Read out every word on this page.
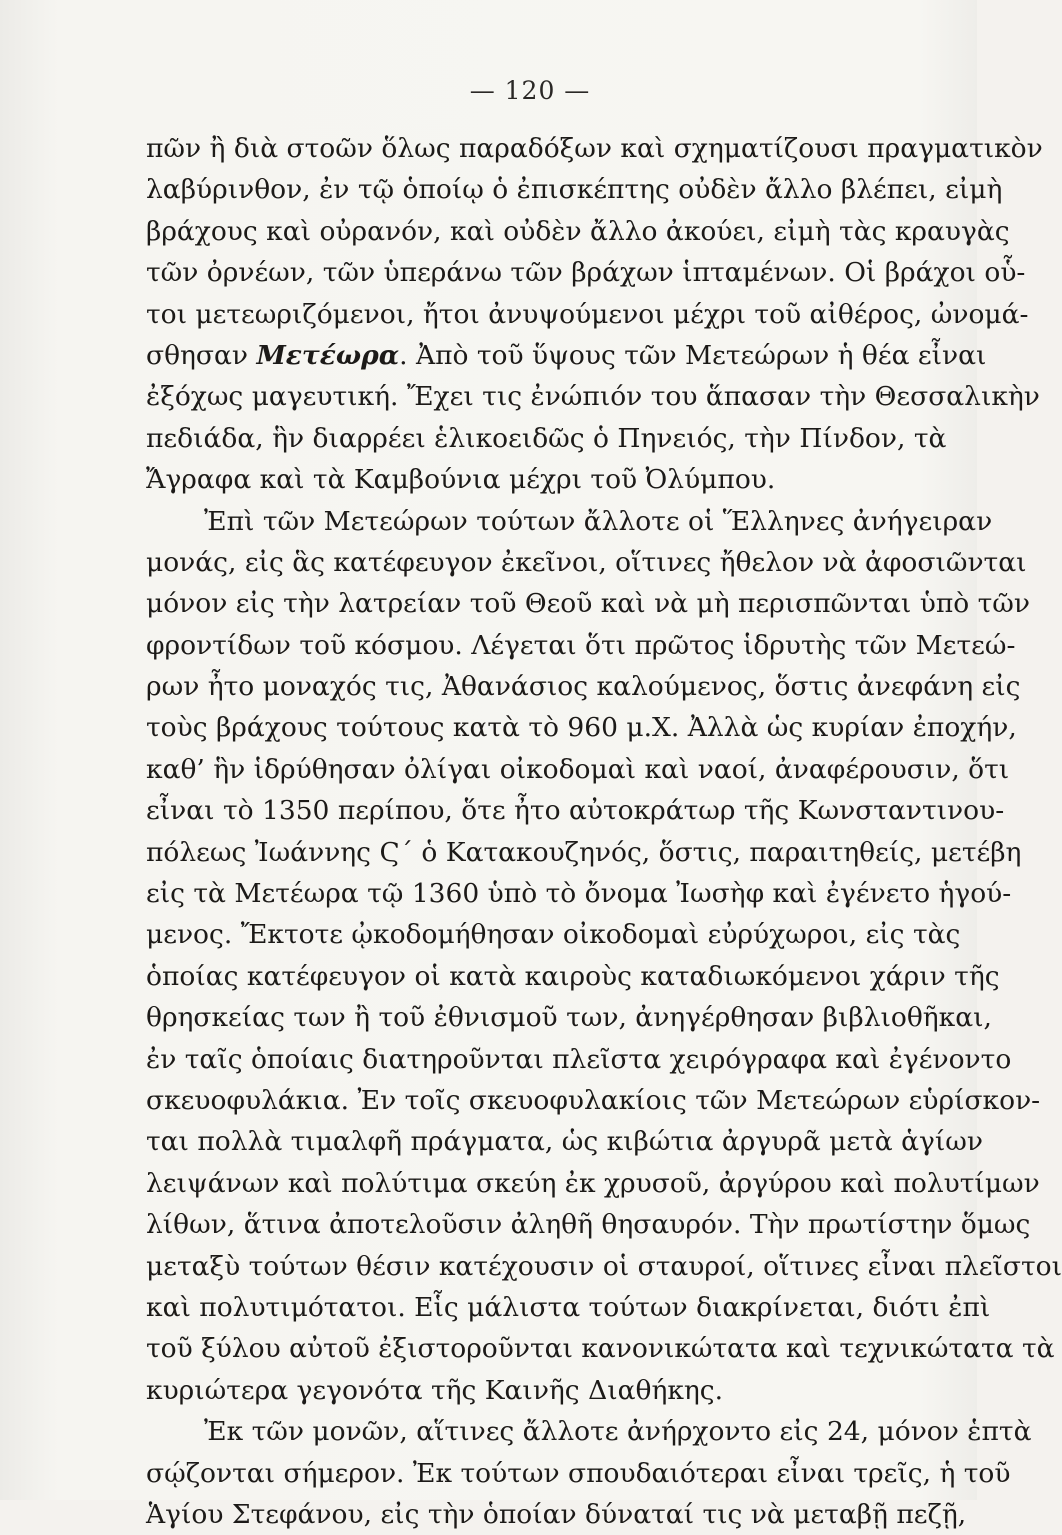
— 120 —
πῶν ἢ διὰ στοῶν ὅλως παραδόξων καὶ σχηματίζουσι πραγματικὸν
λαβύρινθον, ἐν τῷ ὁποίῳ ὁ ἐπισκέπτης οὐδὲν ἄλλο βλέπει, εἰμὴ
βράχους καὶ οὐρανόν, καὶ οὐδὲν ἄλλο ἀκούει, εἰμὴ τὰς κραυγὰς
τῶν ὀρνέων, τῶν ὑπεράνω τῶν βράχων ἱπταμένων. Οἱ βράχοι οὗ-
τοι μετεωριζόμενοι, ἤτοι ἀνυψούμενοι μέχρι τοῦ αἰθέρος, ὠνομά-
σθησαν Μετέωρα. Ἀπὸ τοῦ ὕψους τῶν Μετεώρων ἡ θέα εἶναι
ἐξόχως μαγευτική. Ἔχει τις ἐνώπιόν του ἅπασαν τὴν Θεσσαλικὴν
πεδιάδα, ἣν διαρρέει ἑλικοειδῶς ὁ Πηνειός, τὴν Πίνδον, τὰ
Ἄγραφα καὶ τὰ Καμβούνια μέχρι τοῦ Ὀλύμπου.
Ἐπὶ τῶν Μετεώρων τούτων ἄλλοτε οἱ Ἕλληνες ἀνήγειραν
μονάς, εἰς ἃς κατέφευγον ἐκεῖνοι, οἵτινες ἤθελον νὰ ἀφοσιῶνται
μόνον εἰς τὴν λατρείαν τοῦ Θεοῦ καὶ νὰ μὴ περισπῶνται ὑπὸ τῶν
φροντίδων τοῦ κόσμου. Λέγεται ὅτι πρῶτος ἱδρυτὴς τῶν Μετεώ-
ρων ἦτο μοναχός τις, Ἀθανάσιος καλούμενος, ὅστις ἀνεφάνη εἰς
τοὺς βράχους τούτους κατὰ τὸ 960 μ.Χ. Ἀλλὰ ὡς κυρίαν ἐποχήν,
καθ’ ἣν ἱδρύθησαν ὀλίγαι οἰκοδομαὶ καὶ ναοί, ἀναφέρουσιν, ὅτι
εἶναι τὸ 1350 περίπου, ὅτε ἦτο αὐτοκράτωρ τῆς Κωνσταντινου-
πόλεως Ἰωάννης Ϛ΄ ὁ Κατακουζηνός, ὅστις, παραιτηθείς, μετέβη
εἰς τὰ Μετέωρα τῷ 1360 ὑπὸ τὸ ὄνομα Ἰωσὴφ καὶ ἐγένετο ἡγού-
μενος. Ἔκτοτε ᾠκοδομήθησαν οἰκοδομαὶ εὐρύχωροι, εἰς τὰς
ὁποίας κατέφευγον οἱ κατὰ καιροὺς καταδιωκόμενοι χάριν τῆς
θρησκείας των ἢ τοῦ ἐθνισμοῦ των, ἀνηγέρθησαν βιβλιοθῆκαι,
ἐν ταῖς ὁποίαις διατηροῦνται πλεῖστα χειρόγραφα καὶ ἐγένοντο
σκευοφυλάκια. Ἐν τοῖς σκευοφυλακίοις τῶν Μετεώρων εὑρίσκον-
ται πολλὰ τιμαλφῆ πράγματα, ὡς κιβώτια ἀργυρᾶ μετὰ ἁγίων
λειψάνων καὶ πολύτιμα σκεύη ἐκ χρυσοῦ, ἀργύρου καὶ πολυτίμων
λίθων, ἅτινα ἀποτελοῦσιν ἀληθῆ θησαυρόν. Τὴν πρωτίστην ὅμως
μεταξὺ τούτων θέσιν κατέχουσιν οἱ σταυροί, οἵτινες εἶναι πλεῖστοι
καὶ πολυτιμότατοι. Εἷς μάλιστα τούτων διακρίνεται, διότι ἐπὶ
τοῦ ξύλου αὐτοῦ ἐξιστοροῦνται κανονικώτατα καὶ τεχνικώτατα τὰ
κυριώτερα γεγονότα τῆς Καινῆς Διαθήκης.
Ἐκ τῶν μονῶν, αἵτινες ἄλλοτε ἀνήρχοντο εἰς 24, μόνον ἑπτὰ
σῴζονται σήμερον. Ἐκ τούτων σπουδαιότεραι εἶναι τρεῖς, ἡ τοῦ
Ἁγίου Στεφάνου, εἰς τὴν ὁποίαν δύναταί τις νὰ μεταβῇ πεζῇ,
